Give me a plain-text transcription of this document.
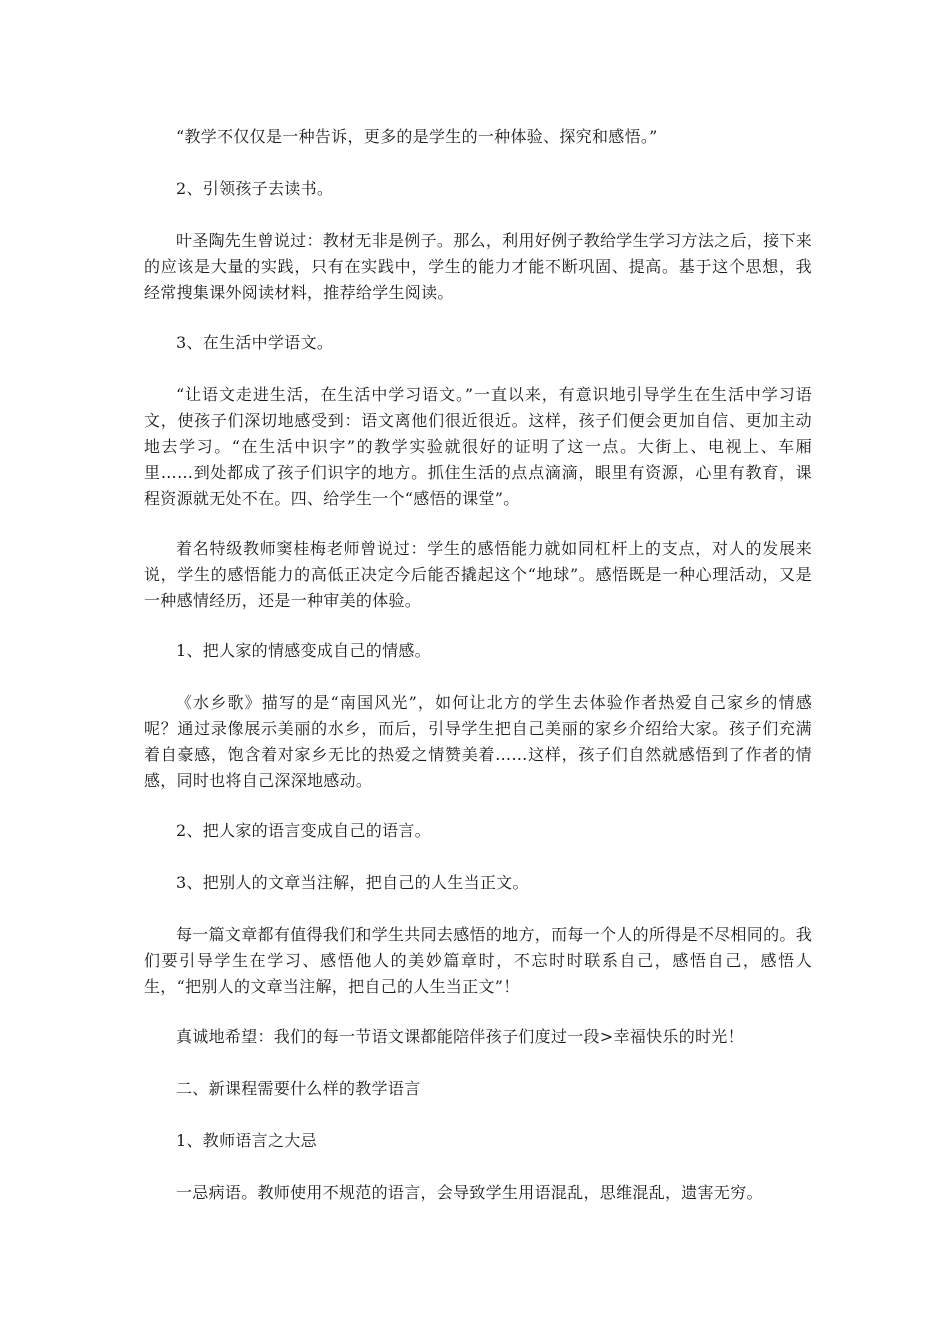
“教学不仅仅是一种告诉，更多的是学生的一种体验、探究和感悟。”

2、引领孩子去读书。

叶圣陶先生曾说过：教材无非是例子。那么，利用好例子教给学生学习方法之后，接下来的应该是大量的实践，只有在实践中，学生的能力才能不断巩固、提高。基于这个思想，我经常搜集课外阅读材料，推荐给学生阅读。

3、在生活中学语文。

“让语文走进生活，在生活中学习语文。”一直以来，有意识地引导学生在生活中学习语文，使孩子们深切地感受到：语文离他们很近很近。这样，孩子们便会更加自信、更加主动地去学习。“在生活中识字”的教学实验就很好的证明了这一点。大街上、电视上、车厢里……到处都成了孩子们识字的地方。抓住生活的点点滴滴，眼里有资源，心里有教育，课程资源就无处不在。四、给学生一个“感悟的课堂”。

着名特级教师窦桂梅老师曾说过：学生的感悟能力就如同杠杆上的支点，对人的发展来说，学生的感悟能力的高低正决定今后能否撬起这个“地球”。感悟既是一种心理活动，又是一种感情经历，还是一种审美的体验。

1、把人家的情感变成自己的情感。

《水乡歌》描写的是“南国风光”，如何让北方的学生去体验作者热爱自己家乡的情感呢？通过录像展示美丽的水乡，而后，引导学生把自己美丽的家乡介绍给大家。孩子们充满着自豪感，饱含着对家乡无比的热爱之情赞美着……这样，孩子们自然就感悟到了作者的情感，同时也将自己深深地感动。

2、把人家的语言变成自己的语言。

3、把别人的文章当注解，把自己的人生当正文。

每一篇文章都有值得我们和学生共同去感悟的地方，而每一个人的所得是不尽相同的。我们要引导学生在学习、感悟他人的美妙篇章时，不忘时时联系自己，感悟自己，感悟人生，“把别人的文章当注解，把自己的人生当正文”！

真诚地希望：我们的每一节语文课都能陪伴孩子们度过一段>幸福快乐的时光！

二、新课程需要什么样的教学语言

1、教师语言之大忌

一忌病语。教师使用不规范的语言，会导致学生用语混乱，思维混乱，遗害无穷。
